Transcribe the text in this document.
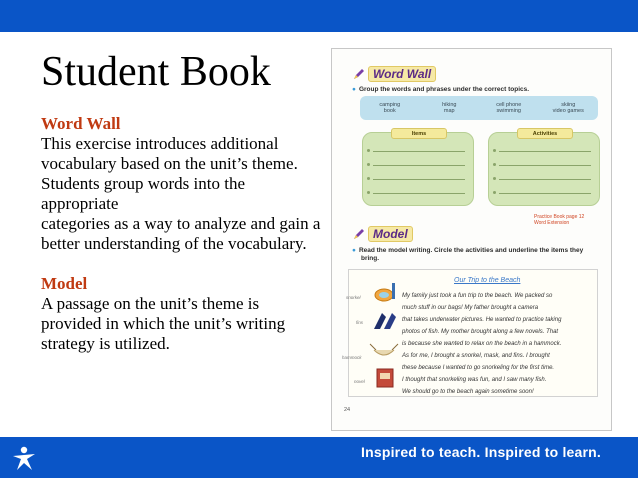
Student Book
Word Wall
This exercise introduces additional vocabulary based on the unit’s theme. Students group words into the appropriate
categories as a way to analyze and gain a better understanding of the vocabulary.
Model
A passage on the unit’s theme is provided in which the unit’s writing strategy is utilized.
Word Wall
● Group the words and phrases under the correct topics.
camping
book
hiking
map
cell phone
swimming
skiing
video games
Items	Activities
Practice Book page 12
Word Extension
Model
● Read the model writing. Circle the activities and underline the items they
bring.
Our Trip to the Beach
My family just took a fun trip to the beach. We packed so
much stuff in our bags! My father brought a camera
that takes underwater pictures. He wanted to practice taking
photos of fish. My mother brought along a few novels. That
is because she wanted to relax on the beach in a hammock.
As for me, I brought a snorkel, mask, and fins. I brought
these because I wanted to go snorkeling for the first time.
I thought that snorkeling was fun, and I saw many fish.
We should go to the beach again sometime soon!
snorkel
fins
hammock
novel
24
Inspired to teach. Inspired to learn.
